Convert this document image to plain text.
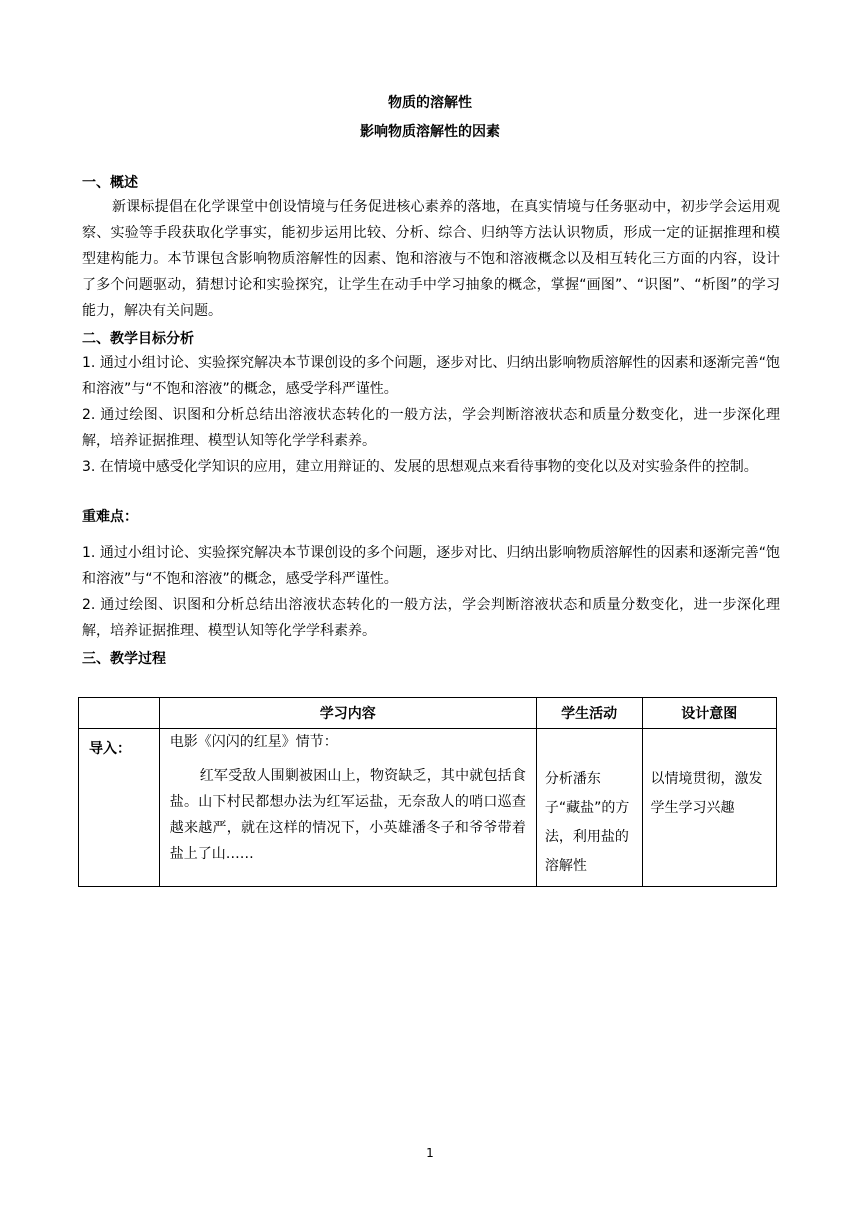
物质的溶解性
影响物质溶解性的因素
一、概述
新课标提倡在化学课堂中创设情境与任务促进核心素养的落地，在真实情境与任务驱动中，初步学会运用观察、实验等手段获取化学事实，能初步运用比较、分析、综合、归纳等方法认识物质，形成一定的证据推理和模型建构能力。本节课包含影响物质溶解性的因素、饱和溶液与不饱和溶液概念以及相互转化三方面的内容，设计了多个问题驱动，猜想讨论和实验探究，让学生在动手中学习抽象的概念，掌握“画图”、“识图”、“析图”的学习能力，解决有关问题。
二、教学目标分析
1. 通过小组讨论、实验探究解决本节课创设的多个问题，逐步对比、归纳出影响物质溶解性的因素和逐渐完善“饱和溶液”与“不饱和溶液”的概念，感受学科严谨性。
2. 通过绘图、识图和分析总结出溶液状态转化的一般方法，学会判断溶液状态和质量分数变化，进一步深化理解，培养证据推理、模型认知等化学学科素养。
3. 在情境中感受化学知识的应用，建立用辩证的、发展的思想观点来看待事物的变化以及对实验条件的控制。
重难点：
1. 通过小组讨论、实验探究解决本节课创设的多个问题，逐步对比、归纳出影响物质溶解性的因素和逐渐完善“饱和溶液”与“不饱和溶液”的概念，感受学科严谨性。
2. 通过绘图、识图和分析总结出溶液状态转化的一般方法，学会判断溶液状态和质量分数变化，进一步深化理解，培养证据推理、模型认知等化学学科素养。
三、教学过程
	学习内容	学生活动	设计意图

导入：	电影《闪闪的红星》情节：
红军受敌人围剿被困山上，物资缺乏，其中就包括食盐。山下村民都想办法为红军运盐，无奈敌人的哨口巡查越来越严，就在这样的情况下，小英雄潘冬子和爷爷带着盐上了山……	分析潘东子“藏盐”的方法，利用盐的溶解性	以情境贯彻，激发学生学习兴趣
1
